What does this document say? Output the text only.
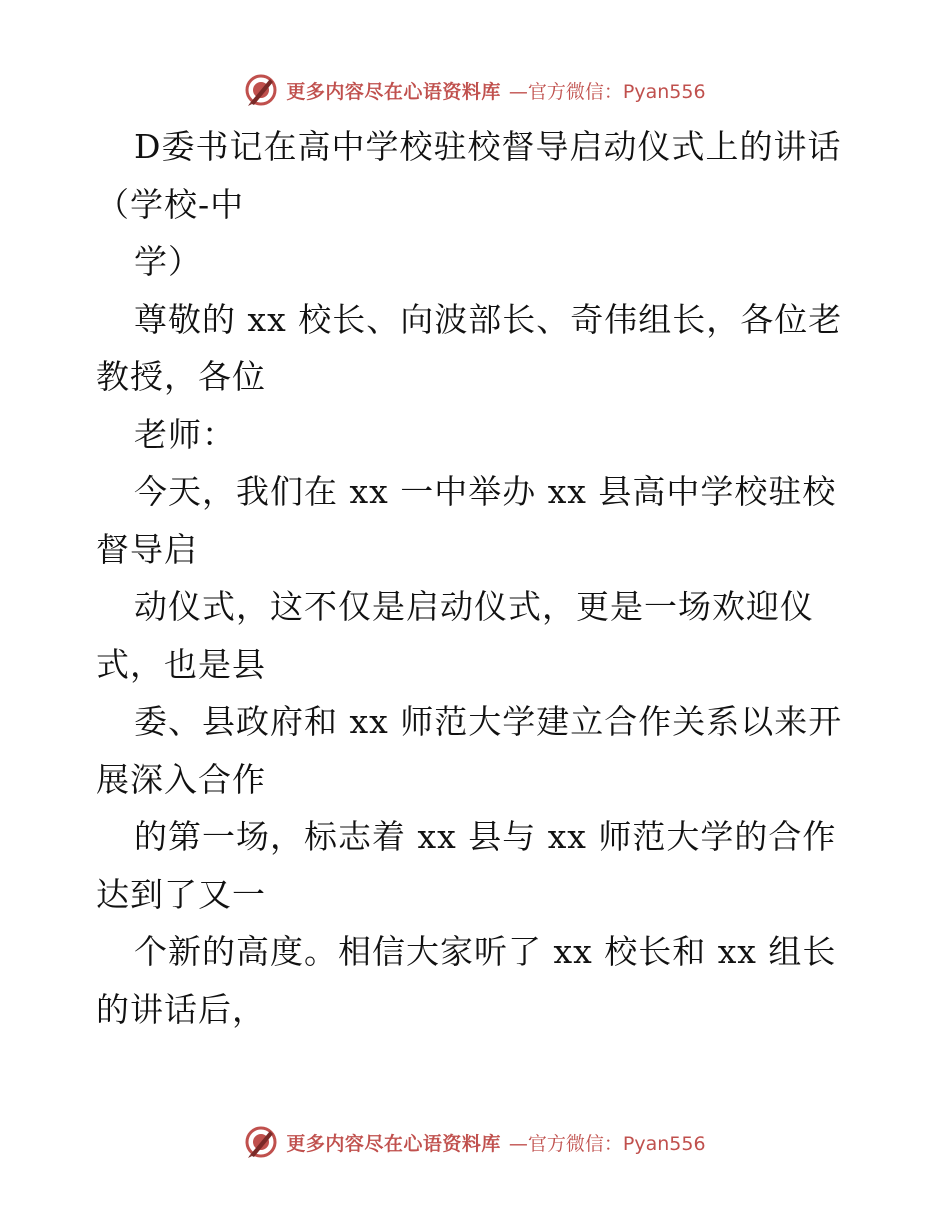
更多内容尽在心语资料库 —官方微信：Pyan556
D委书记在高中学校驻校督导启动仪式上的讲话
（学校-中
学）
尊敬的 xx 校长、向波部长、奇伟组长，各位老
教授，各位
老师：
今天，我们在 xx 一中举办 xx 县高中学校驻校
督导启
动仪式，这不仅是启动仪式，更是一场欢迎仪
式，也是县
委、县政府和 xx 师范大学建立合作关系以来开
展深入合作
的第一场，标志着 xx 县与 xx 师范大学的合作
达到了又一
个新的高度。相信大家听了 xx 校长和 xx 组长
的讲话后，
更多内容尽在心语资料库 —官方微信：Pyan556
